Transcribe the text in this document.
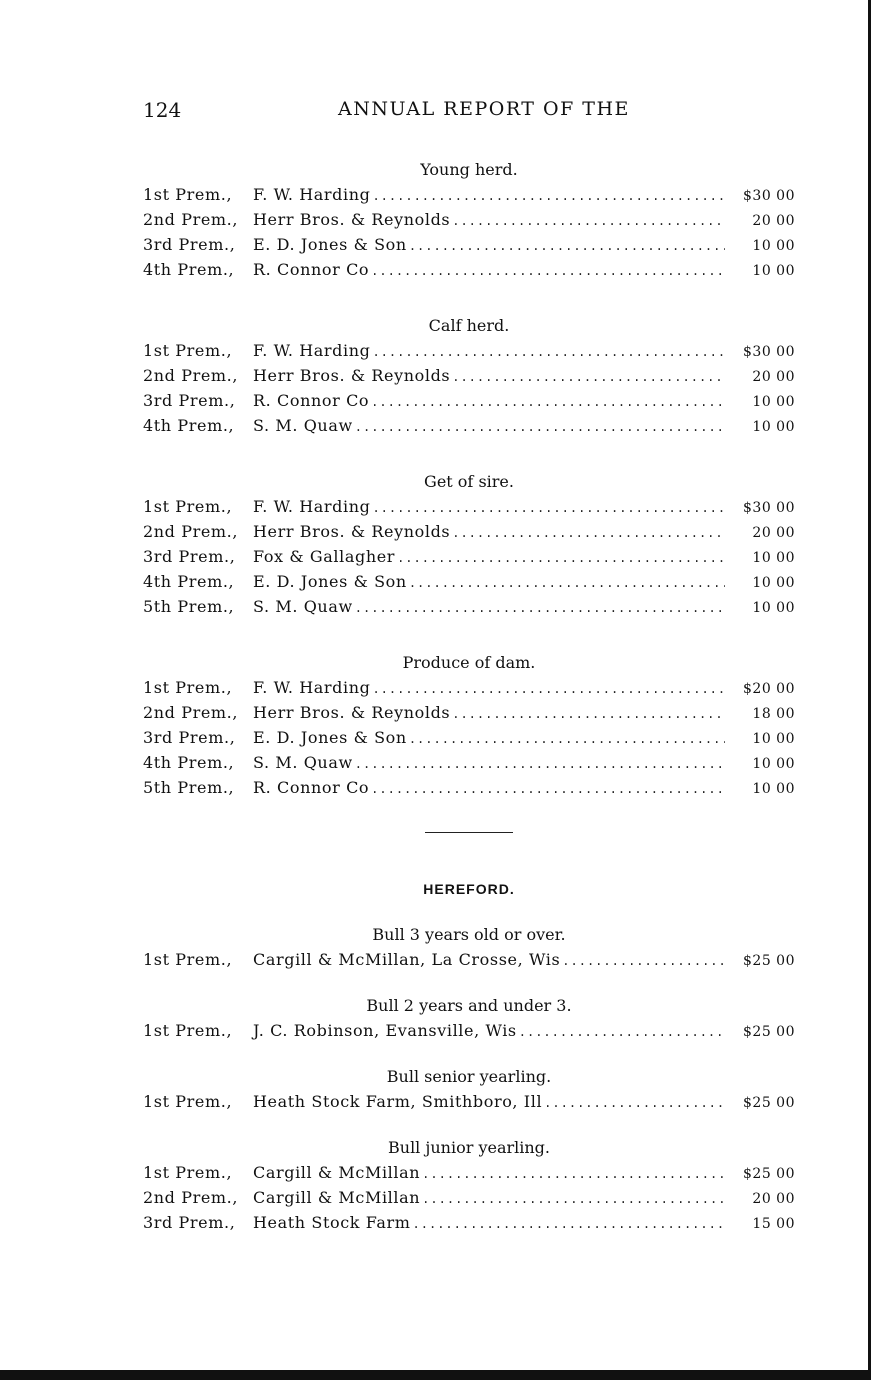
124	ANNUAL REPORT OF THE
Young herd.
1st Prem.,	F. W. Harding .....	$30 00
2nd Prem., Herr Bros. & Reynolds .....	20 00
3rd Prem.,	E. D. Jones & Son .....	10 00
4th Prem.,	R. Connor Co .....	10 00
Calf herd.
1st Prem.,	F. W. Harding .....	$30 00
2nd Prem., Herr Bros. & Reynolds .....	20 00
3rd Prem.,	R. Connor Co .....	10 00
4th Prem.,	S. M. Quaw .....	10 00
Get of sire.
1st Prem.,	F. W. Harding .....	$30 00
2nd Prem., Herr Bros. & Reynolds .....	20 00
3rd Prem.,	Fox & Gallagher .....	10 00
4th Prem.,	E. D. Jones & Son .....	10 00
5th Prem.,	S. M. Quaw .....	10 00
Produce of dam.
1st Prem.,	F. W. Harding .....	$20 00
2nd Prem., Herr Bros. & Reynolds .....	18 00
3rd Prem.,	E. D. Jones & Son .....	10 00
4th Prem.,	S. M. Quaw .....	10 00
5th Prem.,	R. Connor Co .....	10 00
HEREFORD.
Bull 3 years old or over.
1st Prem.,	Cargill & McMillan, La Crosse, Wis .....	$25 00
Bull 2 years and under 3.
1st Prem.,	J. C. Robinson, Evansville, Wis .....	$25 00
Bull senior yearling.
1st Prem.,	Heath Stock Farm, Smithboro, Ill .....	$25 00
Bull junior yearling.
1st Prem.,	Cargill & McMillan .....	$25 00
2nd Prem., Cargill & McMillan .....	20 00
3rd Prem.,	Heath Stock Farm .....	15 00
